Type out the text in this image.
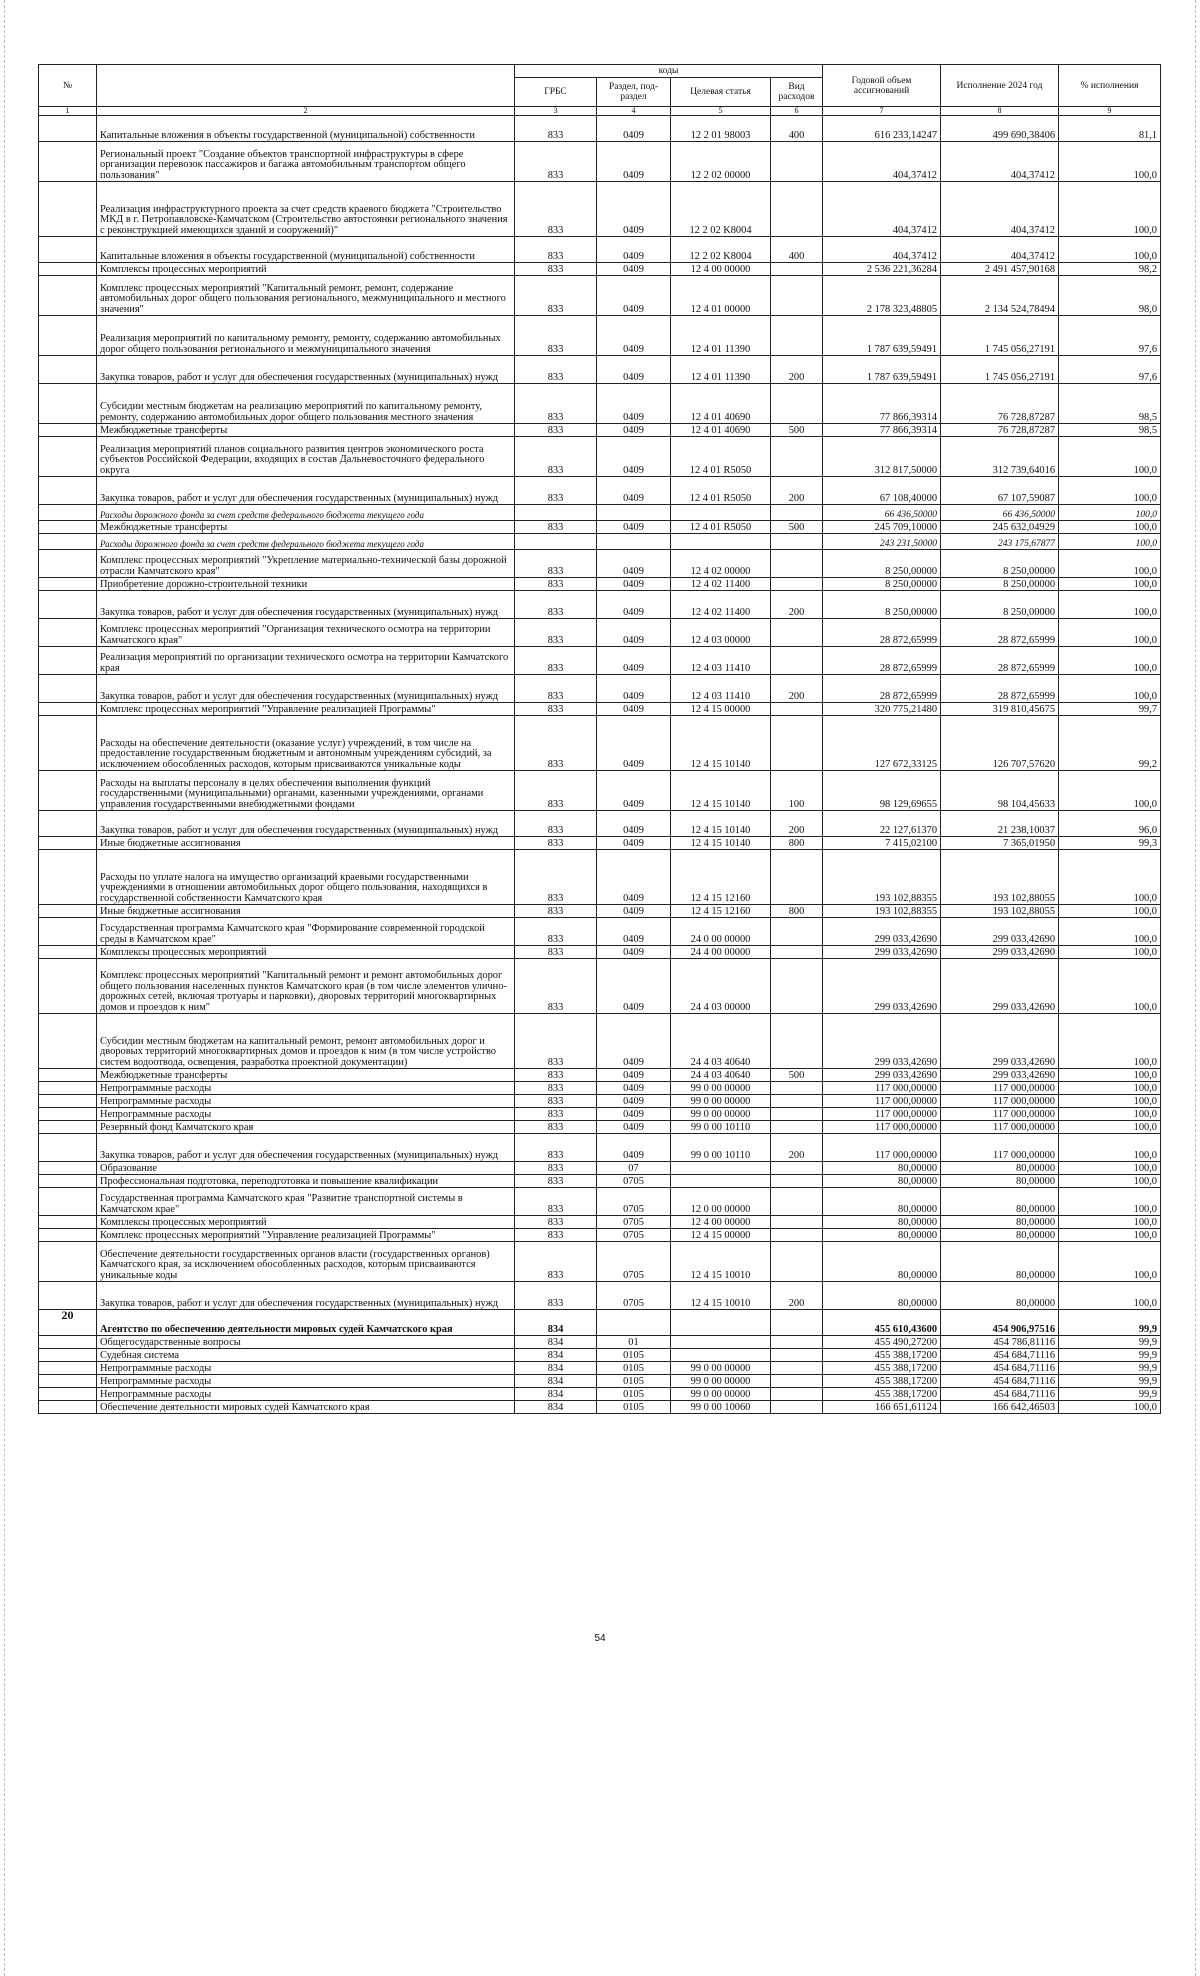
№		коды				Годовой объем ассигнований	Исполнение 2024 год	% исполнения
		ГРБС	Раздел, под-раздел	Целевая статья	Вид расходов			
1	2	3	4	5	6	7	8	9
	Капитальные вложения в объекты государственной (муниципальной) собственности	833	0409	12 2 01 98003	400	616 233,14247	499 690,38406	81,1
	Региональный проект "Создание объектов транспортной инфраструктуры в сфере организации перевозок пассажиров и багажа автомобильным транспортом общего пользования"	833	0409	12 2 02 00000		404,37412	404,37412	100,0
	Реализация инфраструктурного проекта за счет средств краевого бюджета "Строительство МКД в г. Петропавловске-Камчатском (Строительство автостоянки регионального значения с реконструкцией имеющихся зданий и сооружений)"	833	0409	12 2 02 K8004		404,37412	404,37412	100,0
	Капитальные вложения в объекты государственной (муниципальной) собственности	833	0409	12 2 02 K8004	400	404,37412	404,37412	100,0
	Комплексы процессных мероприятий	833	0409	12 4 00 00000		2 536 221,36284	2 491 457,90168	98,2
	Комплекс процессных мероприятий "Капитальный ремонт, ремонт, содержание автомобильных дорог общего пользования регионального, межмуниципального и местного значения"	833	0409	12 4 01 00000		2 178 323,48805	2 134 524,78494	98,0
	Реализация мероприятий по капитальному ремонту, ремонту, содержанию автомобильных дорог общего пользования регионального и межмуниципального значения	833	0409	12 4 01 11390		1 787 639,59491	1 745 056,27191	97,6
	Закупка товаров, работ и услуг для обеспечения государственных (муниципальных) нужд	833	0409	12 4 01 11390	200	1 787 639,59491	1 745 056,27191	97,6
	Субсидии местным бюджетам на реализацию мероприятий по капитальному ремонту, ремонту, содержанию автомобильных дорог общего пользования местного значения	833	0409	12 4 01 40690		77 866,39314	76 728,87287	98,5
	Межбюджетные трансферты	833	0409	12 4 01 40690	500	77 866,39314	76 728,87287	98,5
	Реализация мероприятий планов социального развития центров экономического роста субъектов Российской Федерации, входящих в состав Дальневосточного федерального округа	833	0409	12 4 01 R5050		312 817,50000	312 739,64016	100,0
	Закупка товаров, работ и услуг для обеспечения государственных (муниципальных) нужд	833	0409	12 4 01 R5050	200	67 108,40000	67 107,59087	100,0
	Расходы дорожного фонда за счет средств федерального бюджета текущего года					66 436,50000	66 436,50000	100,0
	Межбюджетные трансферты	833	0409	12 4 01 R5050	500	245 709,10000	245 632,04929	100,0
	Расходы дорожного фонда за счет средств федерального бюджета текущего года					243 231,50000	243 175,67877	100,0
	Комплекс процессных мероприятий "Укрепление материально-технической базы дорожной отрасли Камчатского края"	833	0409	12 4 02 00000		8 250,00000	8 250,00000	100,0
	Приобретение дорожно-строительной техники	833	0409	12 4 02 11400		8 250,00000	8 250,00000	100,0
	Закупка товаров, работ и услуг для обеспечения государственных (муниципальных) нужд	833	0409	12 4 02 11400	200	8 250,00000	8 250,00000	100,0
	Комплекс процессных мероприятий "Организация технического осмотра на территории Камчатского края"	833	0409	12 4 03 00000		28 872,65999	28 872,65999	100,0
	Реализация мероприятий по организации технического осмотра на территории Камчатского края	833	0409	12 4 03 11410		28 872,65999	28 872,65999	100,0
	Закупка товаров, работ и услуг для обеспечения государственных (муниципальных) нужд	833	0409	12 4 03 11410	200	28 872,65999	28 872,65999	100,0
	Комплекс процессных мероприятий "Управление реализацией Программы"	833	0409	12 4 15 00000		320 775,21480	319 810,45675	99,7
	Расходы на обеспечение деятельности (оказание услуг) учреждений, в том числе на предоставление государственным бюджетным и автономным учреждениям субсидий, за исключением обособленных расходов, которым присваиваются уникальные коды	833	0409	12 4 15 10140		127 672,33125	126 707,57620	99,2
	Расходы на выплаты персоналу в целях обеспечения выполнения функций государственными (муниципальными) органами, казенными учреждениями, органами управления государственными внебюджетными фондами	833	0409	12 4 15 10140	100	98 129,69655	98 104,45633	100,0
	Закупка товаров, работ и услуг для обеспечения государственных (муниципальных) нужд	833	0409	12 4 15 10140	200	22 127,61370	21 238,10037	96,0
	Иные бюджетные ассигнования	833	0409	12 4 15 10140	800	7 415,02100	7 365,01950	99,3
	Расходы по уплате налога на имущество организаций краевыми государственными учреждениями в отношении автомобильных дорог общего пользования, находящихся в государственной собственности Камчатского края	833	0409	12 4 15 12160		193 102,88355	193 102,88055	100,0
	Иные бюджетные ассигнования	833	0409	12 4 15 12160	800	193 102,88355	193 102,88055	100,0
	Государственная программа Камчатского края "Формирование современной городской среды в Камчатском крае"	833	0409	24 0 00 00000		299 033,42690	299 033,42690	100,0
	Комплексы процессных мероприятий	833	0409	24 4 00 00000		299 033,42690	299 033,42690	100,0
	Комплекс процессных мероприятий "Капитальный ремонт и ремонт автомобильных дорог общего пользования населенных пунктов Камчатского края (в том числе элементов улично-дорожных сетей, включая тротуары и парковки), дворовых территорий многоквартирных домов и проездов к ним"	833	0409	24 4 03 00000		299 033,42690	299 033,42690	100,0
	Субсидии местным бюджетам на капитальный ремонт, ремонт автомобильных дорог и дворовых территорий многоквартирных домов и проездов к ним (в том числе устройство систем водоотвода, освещения, разработка проектной документации)	833	0409	24 4 03 40640		299 033,42690	299 033,42690	100,0
	Межбюджетные трансферты	833	0409	24 4 03 40640	500	299 033,42690	299 033,42690	100,0
	Непрограммные расходы	833	0409	99 0 00 00000		117 000,00000	117 000,00000	100,0
	Непрограммные расходы	833	0409	99 0 00 00000		117 000,00000	117 000,00000	100,0
	Непрограммные расходы	833	0409	99 0 00 00000		117 000,00000	117 000,00000	100,0
	Резервный фонд Камчатского края	833	0409	99 0 00 10110		117 000,00000	117 000,00000	100,0
	Закупка товаров, работ и услуг для обеспечения государственных (муниципальных) нужд	833	0409	99 0 00 10110	200	117 000,00000	117 000,00000	100,0
	Образование	833	07			80,00000	80,00000	100,0
	Профессиональная подготовка, переподготовка и повышение квалификации	833	0705			80,00000	80,00000	100,0
	Государственная программа Камчатского края "Развитие транспортной системы в Камчатском крае"	833	0705	12 0 00 00000		80,00000	80,00000	100,0
	Комплексы процессных мероприятий	833	0705	12 4 00 00000		80,00000	80,00000	100,0
	Комплекс процессных мероприятий "Управление реализацией Программы"	833	0705	12 4 15 00000		80,00000	80,00000	100,0
	Обеспечение деятельности государственных органов власти (государственных органов) Камчатского края, за исключением обособленных расходов, которым присваиваются уникальные коды	833	0705	12 4 15 10010		80,00000	80,00000	100,0
	Закупка товаров, работ и услуг для обеспечения государственных (муниципальных) нужд	833	0705	12 4 15 10010	200	80,00000	80,00000	100,0
20	Агентство по обеспечению деятельности мировых судей Камчатского края	834				455 610,43600	454 906,97516	99,9
	Общегосударственные вопросы	834	01			455 490,27200	454 786,81116	99,9
	Судебная система	834	0105			455 388,17200	454 684,71116	99,9
	Непрограммные расходы	834	0105	99 0 00 00000		455 388,17200	454 684,71116	99,9
	Непрограммные расходы	834	0105	99 0 00 00000		455 388,17200	454 684,71116	99,9
	Непрограммные расходы	834	0105	99 0 00 00000		455 388,17200	454 684,71116	99,9
	Обеспечение деятельности мировых судей Камчатского края	834	0105	99 0 00 10060		166 651,61124	166 642,46503	100,0
54
